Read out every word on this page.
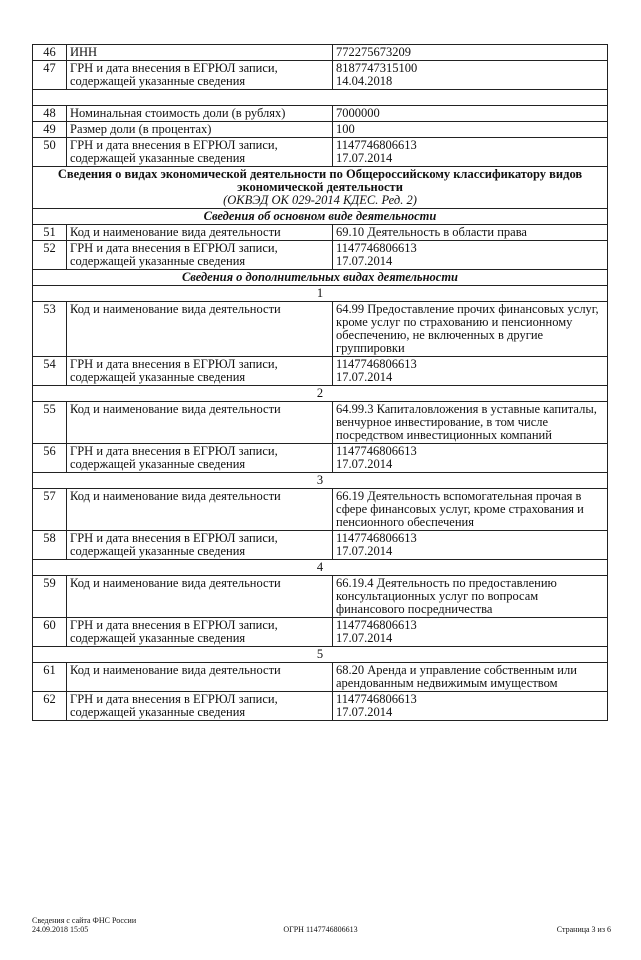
46	ИНН	772275673209
47	ГРН и дата внесения в ЕГРЮЛ записи, содержащей указанные сведения	8187747315100
14.04.2018

48	Номинальная стоимость доли (в рублях)	7000000
49	Размер доли (в процентах)	100
50	ГРН и дата внесения в ЕГРЮЛ записи, содержащей указанные сведения	1147746806613
17.07.2014

Сведения о видах экономической деятельности по Общероссийскому классификатору видов экономической деятельности
(ОКВЭД ОК 029-2014 КДЕС. Ред. 2)		

Сведения об основном виде деятельности		
51	Код и наименование вида деятельности	69.10 Деятельность в области права
52	ГРН и дата внесения в ЕГРЮЛ записи, содержащей указанные сведения	1147746806613
17.07.2014
Сведения о дополнительных видах деятельности		
1		
53	Код и наименование вида деятельности	64.99 Предоставление прочих финансовых услуг, кроме услуг по страхованию и пенсионному обеспечению, не включенных в другие группировки
54	ГРН и дата внесения в ЕГРЮЛ записи, содержащей указанные сведения	1147746806613
17.07.2014
2		
55	Код и наименование вида деятельности	64.99.3 Капиталовложения в уставные капиталы, венчурное инвестирование, в том числе посредством инвестиционных компаний
56	ГРН и дата внесения в ЕГРЮЛ записи, содержащей указанные сведения	1147746806613
17.07.2014
3		
57	Код и наименование вида деятельности	66.19 Деятельность вспомогательная прочая в сфере финансовых услуг, кроме страхования и пенсионного обеспечения
58	ГРН и дата внесения в ЕГРЮЛ записи, содержащей указанные сведения	1147746806613
17.07.2014
4		
59	Код и наименование вида деятельности	66.19.4 Деятельность по предоставлению консультационных услуг по вопросам финансового посредничества
60	ГРН и дата внесения в ЕГРЮЛ записи, содержащей указанные сведения	1147746806613
17.07.2014
5		
61	Код и наименование вида деятельности	68.20 Аренда и управление собственным или арендованным недвижимым имуществом
62	ГРН и дата внесения в ЕГРЮЛ записи, содержащей указанные сведения	1147746806613
17.07.2014
Сведения с сайта ФНС России
24.09.2018 15:05	ОГРН 1147746806613	Страница 3 из 6
